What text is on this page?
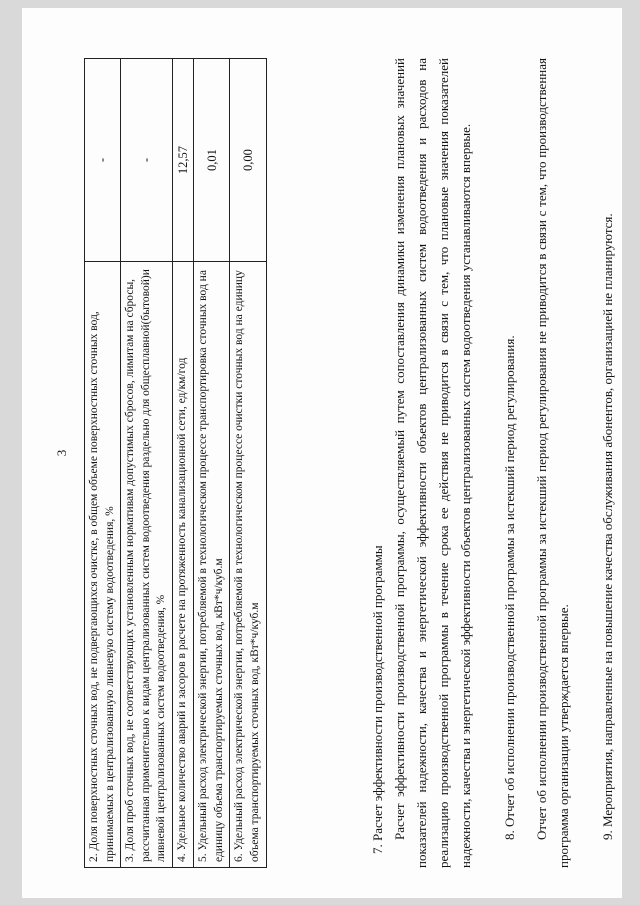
3 2. Доля поверхностных сточных вод, не подвергающихся очистке, в общем объеме поверхностных сточных вод, принимаемых в централизованную ливневую систему водоотведения, %	-
3. Доля проб сточных вод, не соответствующих установленным нормативам допустимых сбросов, лимитам на сбросы, рассчитанная применительно к видам централизованных систем водоотведения раздельно для общесплавной(бытовой)и ливневой централизованных систем водоотведения, %	-
4. Удельное количество аварий и засоров в расчете на протяженность канализационной сети, ед/км/год	12,57
5. Удельный расход электрической энергии, потребляемой в технологическом процессе транспортировка сточных вод на единицу объема транспортируемых сточных вод, кВт*ч/куб.м	0,01
6. Удельный расход электрической энергии, потребляемой в технологическом процессе очистки сточных вод на единицу объема транспортируемых сточных вод, кВт*ч/куб.м	0,00

7. Расчет эффективности производственной программы Расчет эффективности производственной программы, осуществляемый путем сопоставления динамики изменения плановых значений показателей надежности, качества и энергетической эффективности объектов централизованных систем водоотведения и расходов на реализацию производственной программы в течение срока ее действия не приводится в связи с тем, что плановые значения показателей надежности, качества и энергетической эффективности объектов централизованных систем водоотведения устанавливаются впервые.	8. Отчет об исполнении производственной программы за истекший период регулирования.	Отчет об исполнении производственной программы за истекший период регулирования не приводится в связи с тем, что производственная программа организации утверждается впервые.	9. Мероприятия, направленные на повышение качества обслуживания абонентов, организацией не планируются.
